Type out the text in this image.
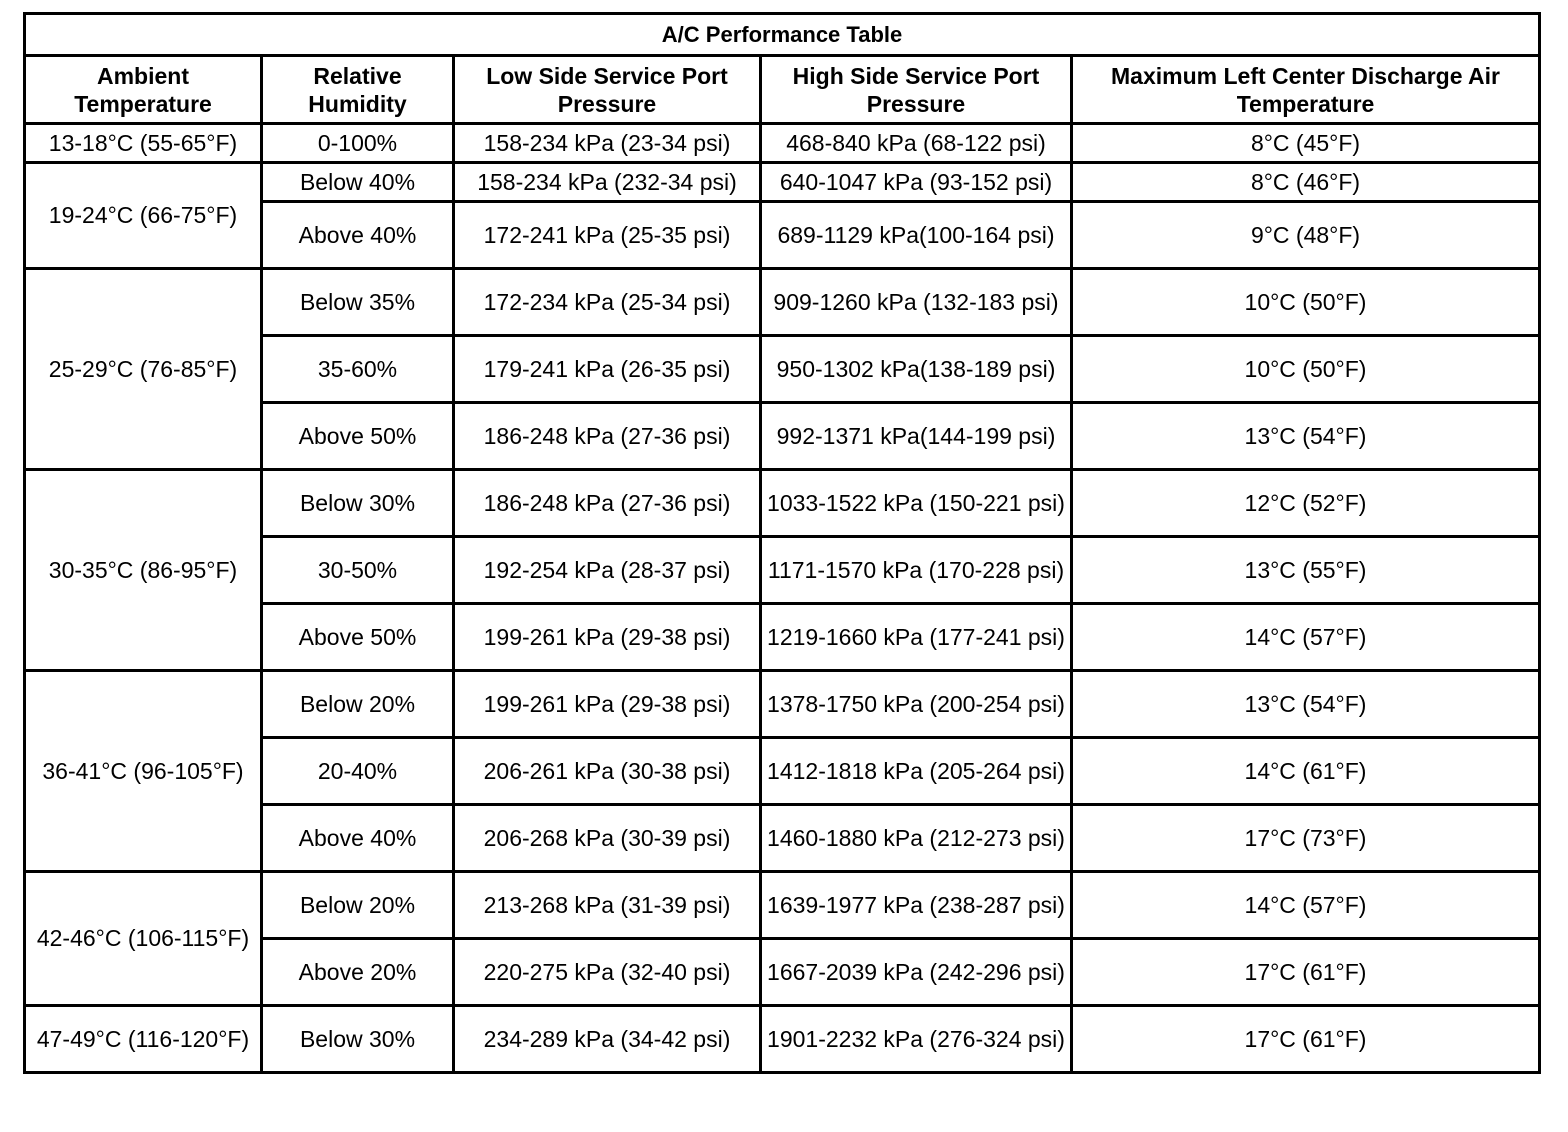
A/C Performance Table				
Ambient Temperature	Relative Humidity	Low Side Service Port Pressure	High Side Service Port Pressure	Maximum Left Center Discharge Air Temperature
13-18°C (55-65°F)	0-100%	158-234 kPa (23-34 psi)	468-840 kPa (68-122 psi)	8°C (45°F)
19-24°C (66-75°F)	Below 40%	158-234 kPa (232-34 psi)	640-1047 kPa (93-152 psi)	8°C (46°F)
	Above 40%	172-241 kPa (25-35 psi)	689-1129 kPa(100-164 psi)	9°C (48°F)
25-29°C (76-85°F)	Below 35%	172-234 kPa (25-34 psi)	909-1260 kPa (132-183 psi)	10°C (50°F)
	35-60%	179-241 kPa (26-35 psi)	950-1302 kPa(138-189 psi)	10°C (50°F)
	Above 50%	186-248 kPa (27-36 psi)	992-1371 kPa(144-199 psi)	13°C (54°F)
30-35°C (86-95°F)	Below 30%	186-248 kPa (27-36 psi)	1033-1522 kPa (150-221 psi)	12°C (52°F)
	30-50%	192-254 kPa (28-37 psi)	1171-1570 kPa (170-228 psi)	13°C (55°F)
	Above 50%	199-261 kPa (29-38 psi)	1219-1660 kPa (177-241 psi)	14°C (57°F)
36-41°C (96-105°F)	Below 20%	199-261 kPa (29-38 psi)	1378-1750 kPa (200-254 psi)	13°C (54°F)
	20-40%	206-261 kPa (30-38 psi)	1412-1818 kPa (205-264 psi)	14°C (61°F)
	Above 40%	206-268 kPa (30-39 psi)	1460-1880 kPa (212-273 psi)	17°C (73°F)
42-46°C (106-115°F)	Below 20%	213-268 kPa (31-39 psi)	1639-1977 kPa (238-287 psi)	14°C (57°F)
	Above 20%	220-275 kPa (32-40 psi)	1667-2039 kPa (242-296 psi)	17°C (61°F)
47-49°C (116-120°F)	Below 30%	234-289 kPa (34-42 psi)	1901-2232 kPa (276-324 psi)	17°C (61°F)
